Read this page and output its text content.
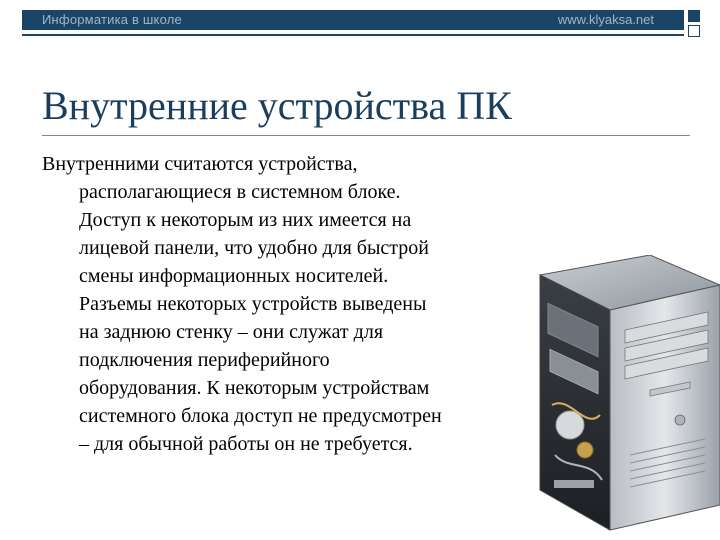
Информатика в школе	www.klyaksa.net
Внутренние устройства ПК
Внутренними считаются устройства,
располагающиеся в системном блоке.
Доступ к некоторым из них имеется на
лицевой панели, что удобно для быстрой
смены информационных носителей.
Разъемы некоторых устройств выведены
на заднюю стенку – они служат для
подключения периферийного
оборудования. К некоторым устройствам
системного блока доступ не предусмотрен
– для обычной работы он не требуется.
